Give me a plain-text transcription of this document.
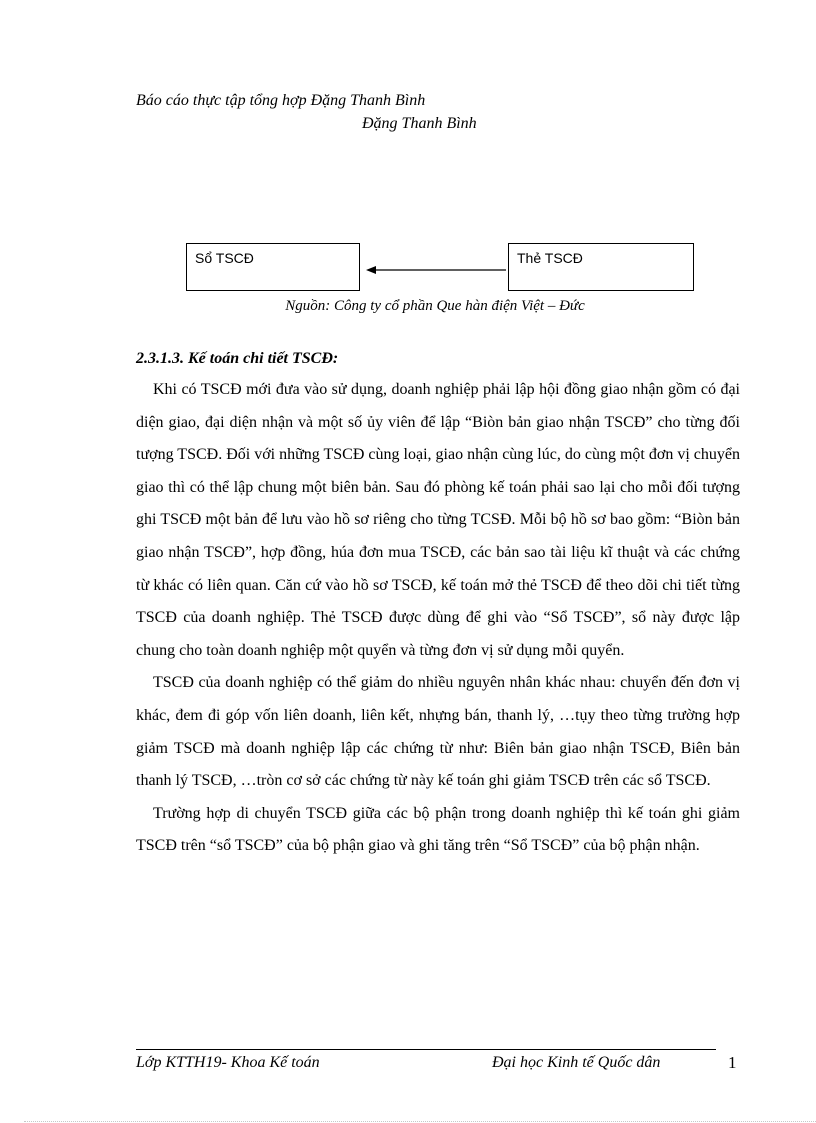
Báo cáo thực tập tổng hợp Đặng Thanh Bình
Đặng Thanh Bình
Sổ TSCĐ	Thẻ TSCĐ
Nguồn: Công ty cổ phần Que hàn điện Việt – Đức
2.3.1.3. Kế toán chi tiết TSCĐ:

Khi có TSCĐ mới đưa vào sử dụng, doanh nghiệp phải lập hội đồng giao nhận gồm có đại diện giao, đại diện nhận và một số ủy viên để lập “Biòn bản giao nhận TSCĐ” cho từng đối tượng TSCĐ. Đối với những TSCĐ cùng loại, giao nhận cùng lúc, do cùng một đơn vị chuyển giao thì có thể lập chung một biên bản. Sau đó phòng kế toán phải sao lại cho mỗi đối tượng ghi TSCĐ một bản để lưu vào hồ sơ riêng cho từng TCSĐ. Mỗi bộ hồ sơ bao gồm: “Biòn bản giao nhận TSCĐ”, hợp đồng, húa đơn mua TSCĐ, các bản sao tài liệu kĩ thuật và các chứng từ khác có liên quan. Căn cứ vào hồ sơ TSCĐ, kế toán mở thẻ TSCĐ để theo dõi chi tiết từng TSCĐ của doanh nghiệp. Thẻ TSCĐ được dùng để ghi vào “Sổ TSCĐ”, sổ này được lập chung cho toàn doanh nghiệp một quyển và từng đơn vị sử dụng mỗi quyển.

TSCĐ của doanh nghiệp có thể giảm do nhiều nguyên nhân khác nhau: chuyển đến đơn vị khác, đem đi góp vốn liên doanh, liên kết, nhựng bán, thanh lý, …tụy theo từng trường hợp giảm TSCĐ mà doanh nghiệp lập các chứng từ như: Biên bản giao nhận TSCĐ, Biên bản thanh lý TSCĐ, …tròn cơ sở các chứng từ này kế toán ghi giảm TSCĐ trên các sổ TSCĐ.

Trường hợp di chuyển TSCĐ giữa các bộ phận trong doanh nghiệp thì kế toán ghi giảm TSCĐ trên “sổ TSCĐ” của bộ phận giao và ghi tăng trên “Sổ TSCĐ” của bộ phận nhận.

Lớp KTTH19- Khoa Kế toán	Đại học Kinh tế Quốc dân	1
